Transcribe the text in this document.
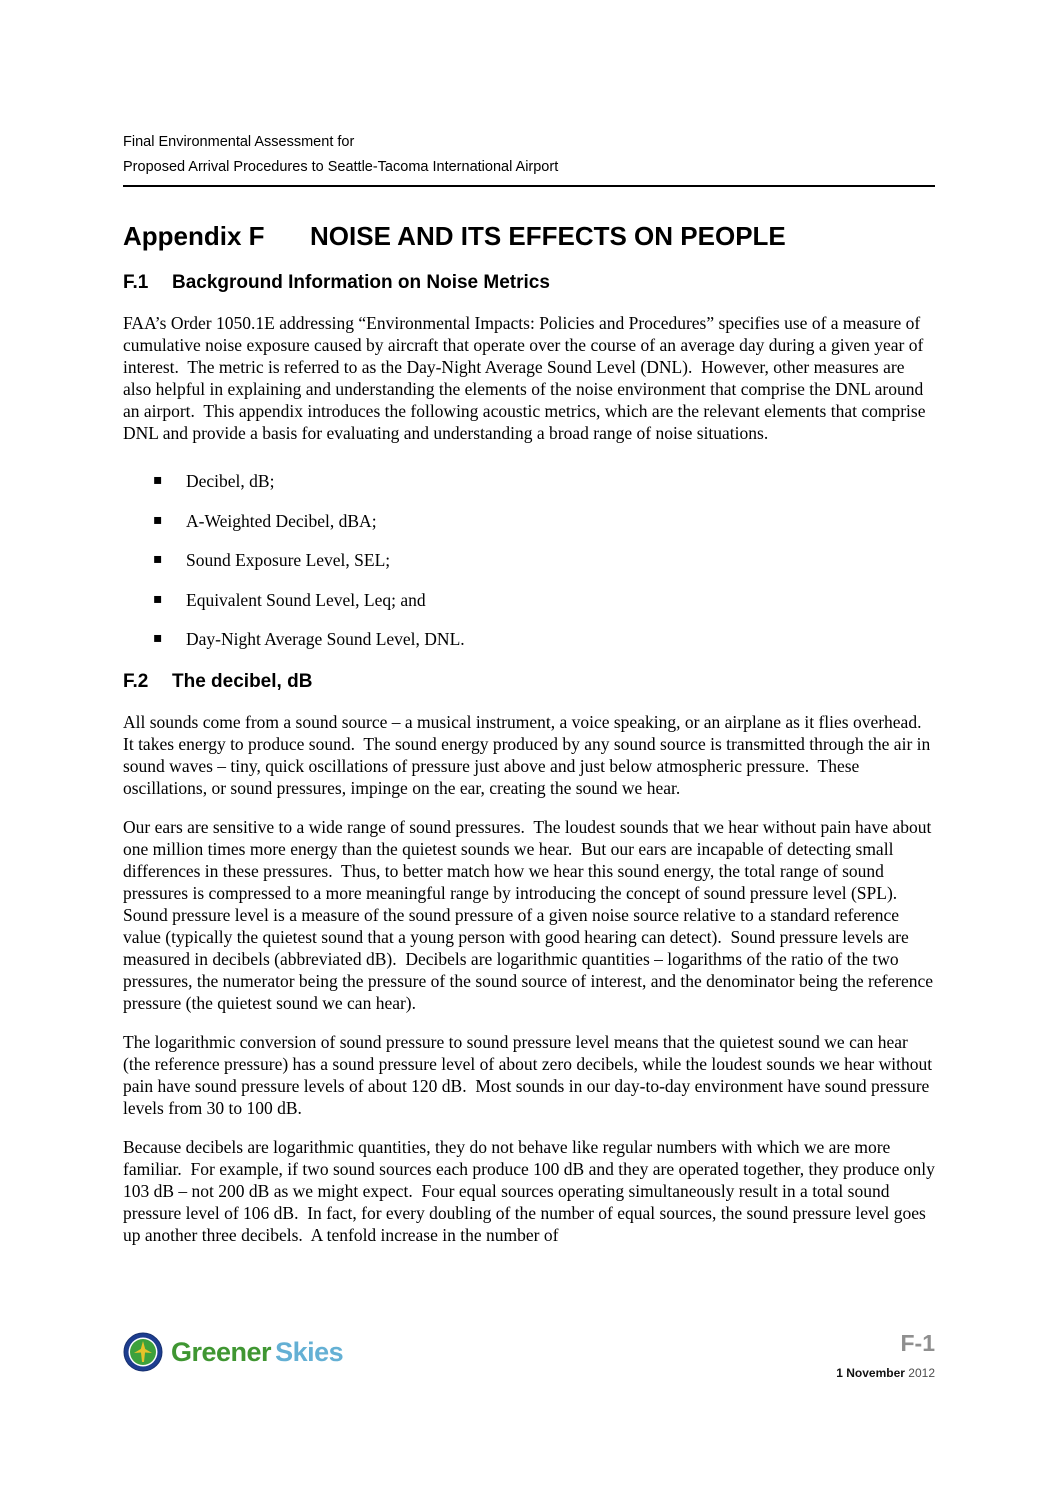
Final Environmental Assessment for
Proposed Arrival Procedures to Seattle-Tacoma International Airport
Appendix F NOISE AND ITS EFFECTS ON PEOPLE
F.1 Background Information on Noise Metrics

FAA’s Order 1050.1E addressing “Environmental Impacts: Policies and Procedures” specifies use of a measure of cumulative noise exposure caused by aircraft that operate over the course of an average day during a given year of interest.  The metric is referred to as the Day-Night Average Sound Level (DNL).  However, other measures are also helpful in explaining and understanding the elements of the noise environment that comprise the DNL around an airport.  This appendix introduces the following acoustic metrics, which are the relevant elements that comprise DNL and provide a basis for evaluating and understanding a broad range of noise situations.

▪ Decibel, dB;
▪ A-Weighted Decibel, dBA;
▪ Sound Exposure Level, SEL;
▪ Equivalent Sound Level, Leq; and
▪ Day-Night Average Sound Level, DNL.
F.2 The decibel, dB

All sounds come from a sound source – a musical instrument, a voice speaking, or an airplane as it flies overhead.  It takes energy to produce sound.  The sound energy produced by any sound source is transmitted through the air in sound waves – tiny, quick oscillations of pressure just above and just below atmospheric pressure.  These oscillations, or sound pressures, impinge on the ear, creating the sound we hear.

Our ears are sensitive to a wide range of sound pressures.  The loudest sounds that we hear without pain have about one million times more energy than the quietest sounds we hear.  But our ears are incapable of detecting small differences in these pressures.  Thus, to better match how we hear this sound energy, the total range of sound pressures is compressed to a more meaningful range by introducing the concept of sound pressure level (SPL).  Sound pressure level is a measure of the sound pressure of a given noise source relative to a standard reference value (typically the quietest sound that a young person with good hearing can detect).  Sound pressure levels are measured in decibels (abbreviated dB).  Decibels are logarithmic quantities – logarithms of the ratio of the two pressures, the numerator being the pressure of the sound source of interest, and the denominator being the reference pressure (the quietest sound we can hear).

The logarithmic conversion of sound pressure to sound pressure level means that the quietest sound we can hear (the reference pressure) has a sound pressure level of about zero decibels, while the loudest sounds we hear without pain have sound pressure levels of about 120 dB.  Most sounds in our day-to-day environment have sound pressure levels from 30 to 100 dB.

Because decibels are logarithmic quantities, they do not behave like regular numbers with which we are more familiar.  For example, if two sound sources each produce 100 dB and they are operated together, they produce only 103 dB – not 200 dB as we might expect.  Four equal sources operating simultaneously result in a total sound pressure level of 106 dB.  In fact, for every doubling of the number of equal sources, the sound pressure level goes up another three decibels.  A tenfold increase in the number of

Greener Skies	F-1
1 November 2012
